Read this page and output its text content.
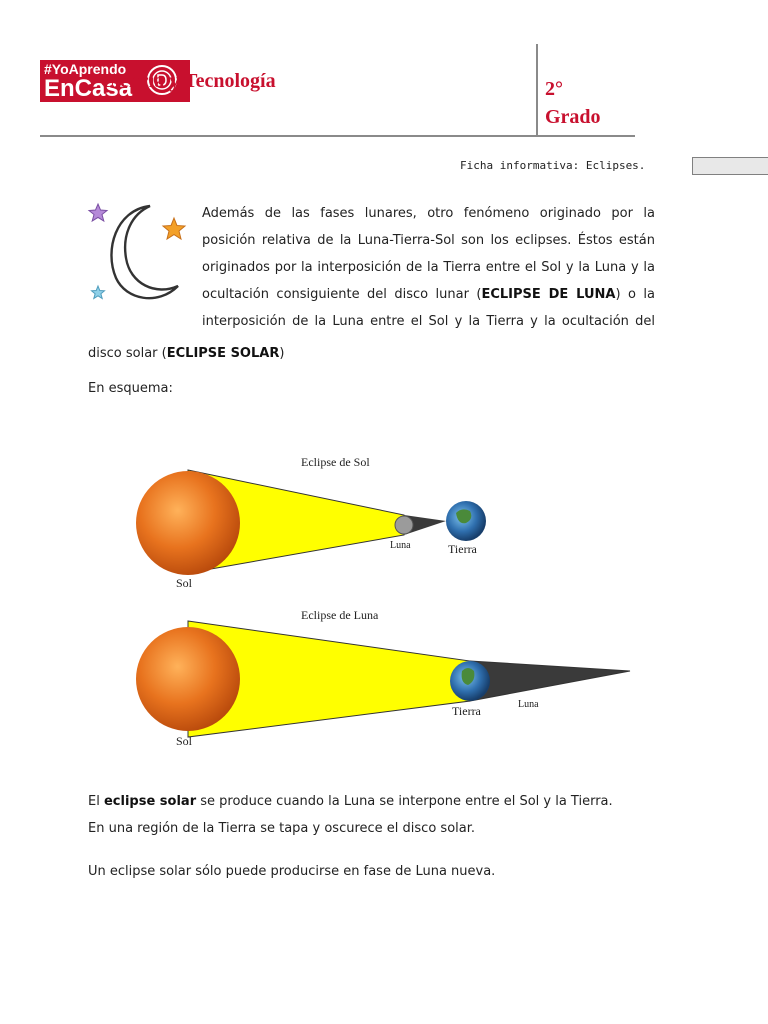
#YoAprendo
EnCasa
Ciencia y Tecnología	2°
Grado
Ficha informativa: Eclipses.
Además de las fases lunares, otro fenómeno originado por la posición relativa de la Luna-Tierra-Sol son los eclipses. Éstos están originados por la interposición de la Tierra entre el Sol y la Luna y la ocultación consiguiente del disco lunar (ECLIPSE DE LUNA) o la interposición de la Luna entre el Sol y la Tierra y la ocultación del
disco solar (ECLIPSE SOLAR)
En esquema:
Eclipse de Sol
Sol
Luna	Tierra
Eclipse de Luna
Sol
Tierra	Luna
El eclipse solar se produce cuando la Luna se interpone entre el Sol y la Tierra.
En una región de la Tierra se tapa y oscurece el disco solar.
Un eclipse solar sólo puede producirse en fase de Luna nueva.
